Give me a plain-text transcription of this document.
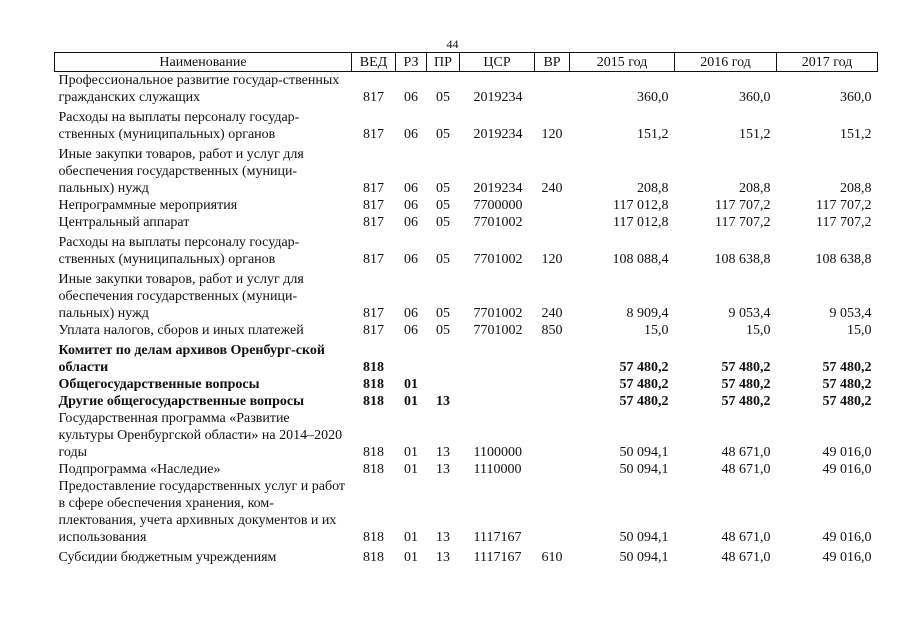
44
Наименование	ВЕД	РЗ	ПР	ЦСР	ВР	2015 год	2016 год	2017 год
Профессиональное развитие государ-ственных гражданских служащих	817	06	05	2019234		360,0	360,0	360,0
Расходы на выплаты персоналу государ-ственных (муниципальных) органов	817	06	05	2019234	120	151,2	151,2	151,2
Иные закупки товаров, работ и услуг для обеспечения государственных (муници-пальных) нужд	817	06	05	2019234	240	208,8	208,8	208,8
Непрограммные мероприятия	817	06	05	7700000		117 012,8	117 707,2	117 707,2
Центральный аппарат	817	06	05	7701002		117 012,8	117 707,2	117 707,2
Расходы на выплаты персоналу государ-ственных (муниципальных) органов	817	06	05	7701002	120	108 088,4	108 638,8	108 638,8
Иные закупки товаров, работ и услуг для обеспечения государственных (муници-пальных) нужд	817	06	05	7701002	240	8 909,4	9 053,4	9 053,4
Уплата налогов, сборов и иных платежей	817	06	05	7701002	850	15,0	15,0	15,0
Комитет по делам архивов Оренбург-ской области	818					57 480,2	57 480,2	57 480,2
Общегосударственные вопросы	818	01				57 480,2	57 480,2	57 480,2
Другие общегосударственные вопросы	818	01	13			57 480,2	57 480,2	57 480,2
Государственная программа «Развитие культуры Оренбургской области» на 2014–2020 годы	818	01	13	1100000		50 094,1	48 671,0	49 016,0
Подпрограмма «Наследие»	818	01	13	1110000		50 094,1	48 671,0	49 016,0
Предоставление государственных услуг и работ в сфере обеспечения хранения, ком-плектования, учета архивных документов и их использования	818	01	13	1117167		50 094,1	48 671,0	49 016,0
Субсидии бюджетным учреждениям	818	01	13	1117167	610	50 094,1	48 671,0	49 016,0
